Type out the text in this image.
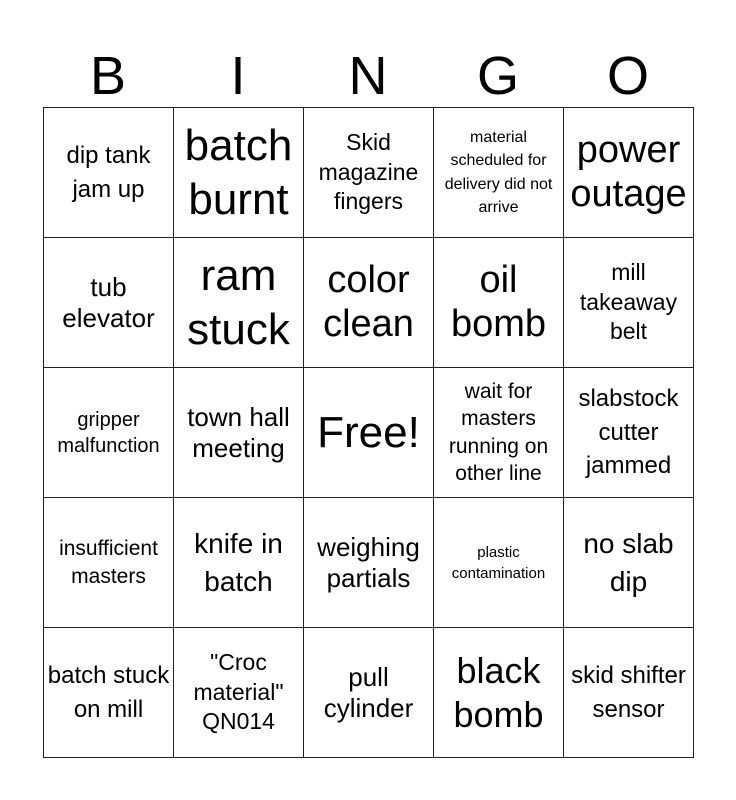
B	I	N	G	O
dip tank jam up	batch burnt	Skid magazine fingers	material scheduled for delivery did not arrive	power outage
tub elevator	ram stuck	color clean	oil bomb	mill takeaway belt
gripper malfunction	town hall meeting	Free!	wait for masters running on other line	slabstock cutter jammed
insufficient masters	knife in batch	weighing partials	plastic contamination	no slab dip
batch stuck on mill	"Croc material" QN014	pull cylinder	black bomb	skid shifter sensor
